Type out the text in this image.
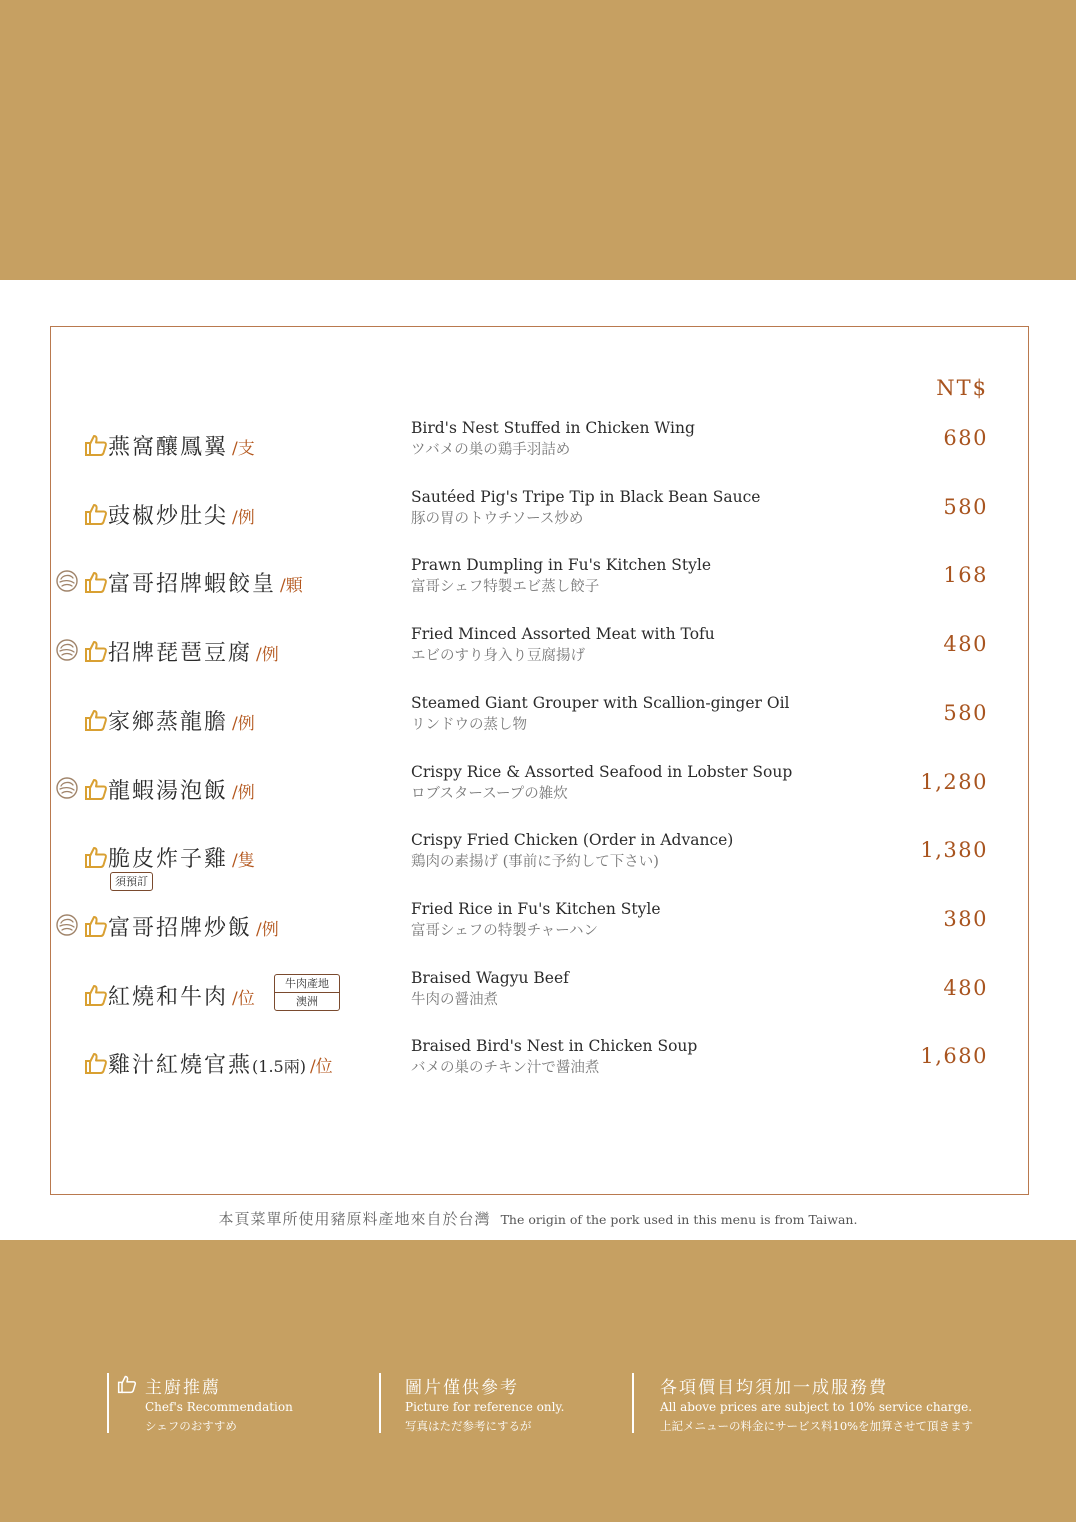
NT$
燕窩釀鳳翼 /支
Bird's Nest Stuffed in Chicken Wing
ツバメの巣の鶏手羽詰め	680
豉椒炒肚尖 /例
Sautéed Pig's Tripe Tip in Black Bean Sauce
豚の胃のトウチソース炒め	580
富哥招牌蝦餃皇 /顆
Prawn Dumpling in Fu's Kitchen Style
富哥シェフ特製エビ蒸し餃子	168
招牌琵琶豆腐 /例
Fried Minced Assorted Meat with Tofu
エビのすり身入り豆腐揚げ	480
家鄉蒸龍膽 /例
Steamed Giant Grouper with Scallion-ginger Oil
リンドウの蒸し物	580
龍蝦湯泡飯 /例
Crispy Rice & Assorted Seafood in Lobster Soup
ロブスタースープの雑炊	1,280
脆皮炸子雞 /隻
須預訂
Crispy Fried Chicken (Order in Advance)
鶏肉の素揚げ (事前に予約して下さい)	1,380
富哥招牌炒飯 /例
Fried Rice in Fu's Kitchen Style
富哥シェフの特製チャーハン	380
紅燒和牛肉 /位
牛肉產地
澳洲
Braised Wagyu Beef
牛肉の醤油煮	480
雞汁紅燒官燕(1.5兩) /位
Braised Bird's Nest in Chicken Soup
バメの巣のチキン汁で醤油煮	1,680
本頁菜單所使用豬原料產地來自於台灣 The origin of the pork used in this menu is from Taiwan.
主廚推薦
Chef's Recommendation
シェフのおすすめ
圖片僅供參考
Picture for reference only.
写真はただ参考にするが
各項價目均須加一成服務費
All above prices are subject to 10% service charge.
上記メニューの料金にサービス料10%を加算させて頂きます
